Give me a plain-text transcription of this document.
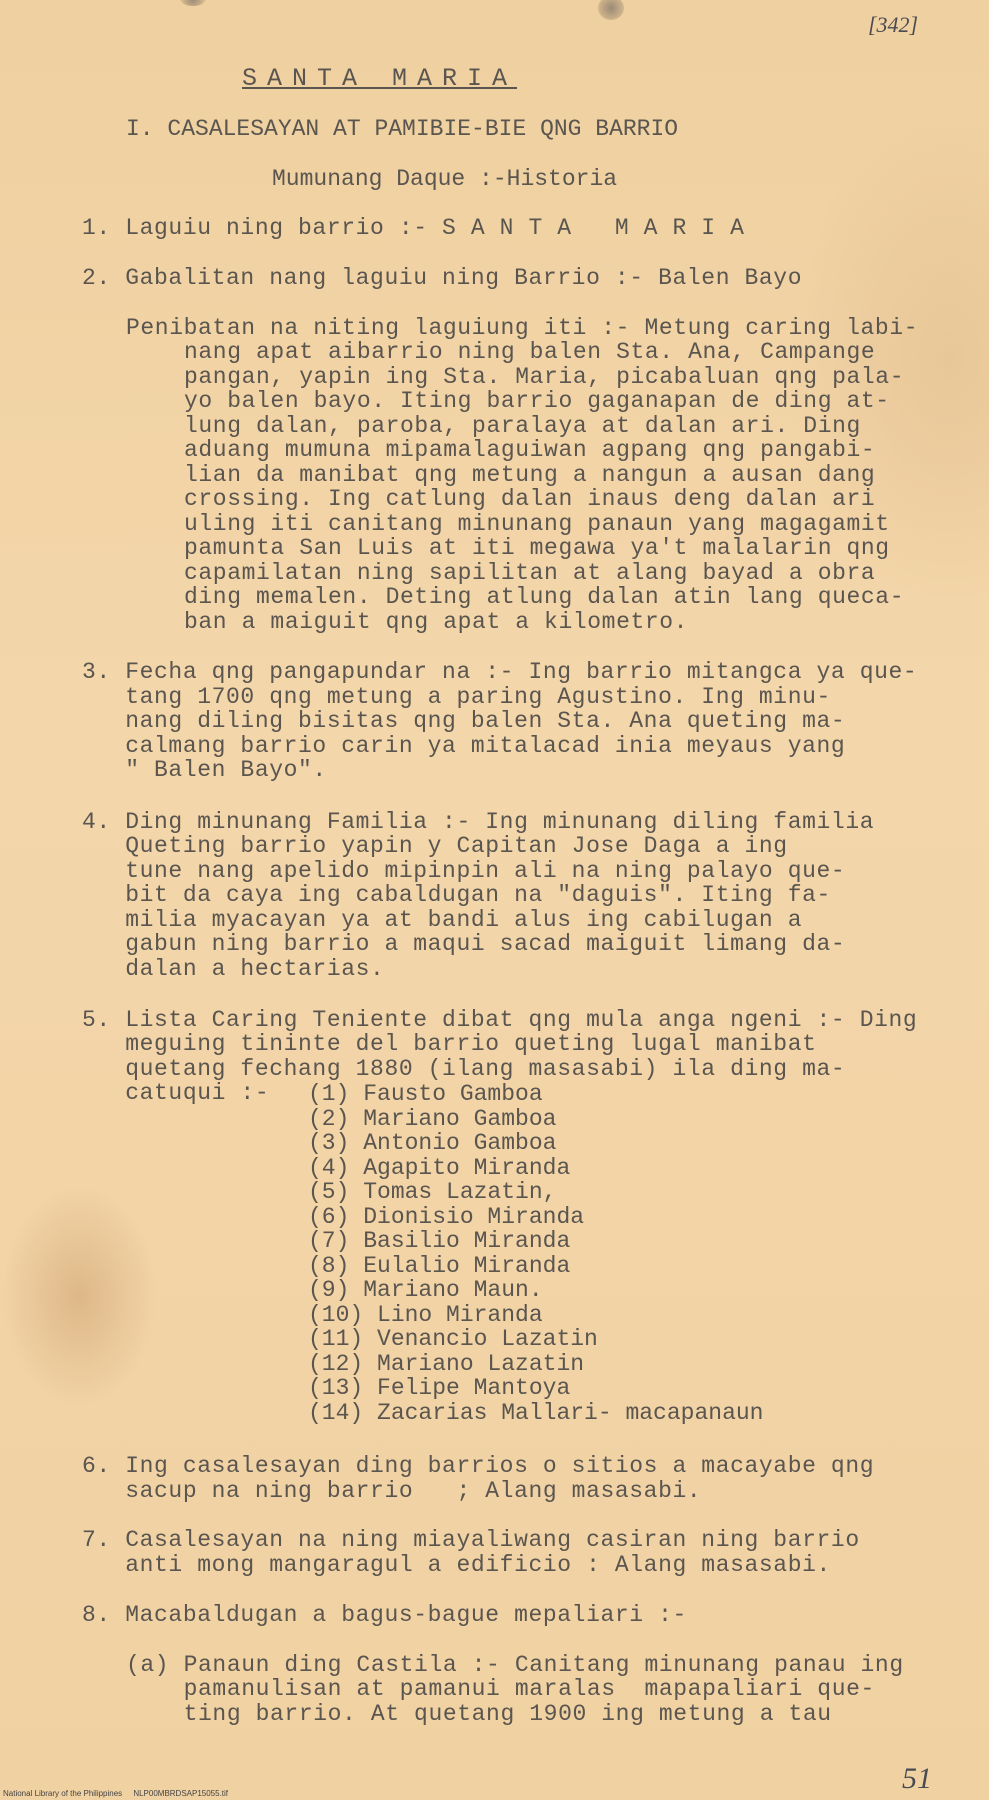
[342]
SANTA MARIA
I. CASALESAYAN AT PAMIBIE-BIE QNG BARRIO
Mumunang Daque :-Historia
1. Laguiu ning barrio :- S A N T A   M A R I A
2. Gabalitan nang laguiu ning Barrio :- Balen Bayo
Penibatan na niting laguiung iti :- Metung caring labi-
nang apat aibarrio ning balen Sta. Ana, Campange
pangan, yapin ing Sta. Maria, picabaluan qng pala-
yo balen bayo. Iting barrio gaganapan de ding at-
lung dalan, paroba, paralaya at dalan ari. Ding
aduang mumuna mipamalaguiwan agpang qng pangabi-
lian da manibat qng metung a nangun a ausan dang
crossing. Ing catlung dalan inaus deng dalan ari
uling iti canitang minunang panaun yang magagamit
pamunta San Luis at iti megawa ya't malalarin qng
capamilatan ning sapilitan at alang bayad a obra
ding memalen. Deting atlung dalan atin lang queca-
ban a maiguit qng apat a kilometro.
3. Fecha qng pangapundar na :- Ing barrio mitangca ya que-
tang 1700 qng metung a paring Agustino. Ing minu-
nang diling bisitas qng balen Sta. Ana queting ma-
calmang barrio carin ya mitalacad inia meyaus yang
" Balen Bayo".
4. Ding minunang Familia :- Ing minunang diling familia
Queting barrio yapin y Capitan Jose Daga a ing
tune nang apelido mipinpin ali na ning palayo que-
bit da caya ing cabaldugan na "daguis". Iting fa-
milia myacayan ya at bandi alus ing cabilugan a
gabun ning barrio a maqui sacad maiguit limang da-
dalan a hectarias.
5. Lista Caring Teniente dibat qng mula anga ngeni :- Ding
meguing tininte del barrio queting lugal manibat
quetang fechang 1880 (ilang masasabi) ila ding ma-
catuqui :- (1) Fausto Gamboa
(2) Mariano Gamboa
(3) Antonio Gamboa
(4) Agapito Miranda
(5) Tomas Lazatin,
(6) Dionisio Miranda
(7) Basilio Miranda
(8) Eulalio Miranda
(9) Mariano Maun.
(10) Lino Miranda
(11) Venancio Lazatin
(12) Mariano Lazatin
(13) Felipe Mantoya
(14) Zacarias Mallari- macapanaun
6. Ing casalesayan ding barrios o sitios a macayabe qng
sacup na ning barrio   ; Alang masasabi.
7. Casalesayan na ning miayaliwang casiran ning barrio
anti mong mangaragul a edificio : Alang masasabi.
8. Macabaldugan a bagus-bague mepaliari :-
(a) Panaun ding Castila :- Canitang minunang panau ing
pamanulisan at pamanui maralas  mapapaliari que-
ting barrio. At quetang 1900 ing metung a tau
51
National Library of the Philippines NLP00MBRDSAP15055.tif
